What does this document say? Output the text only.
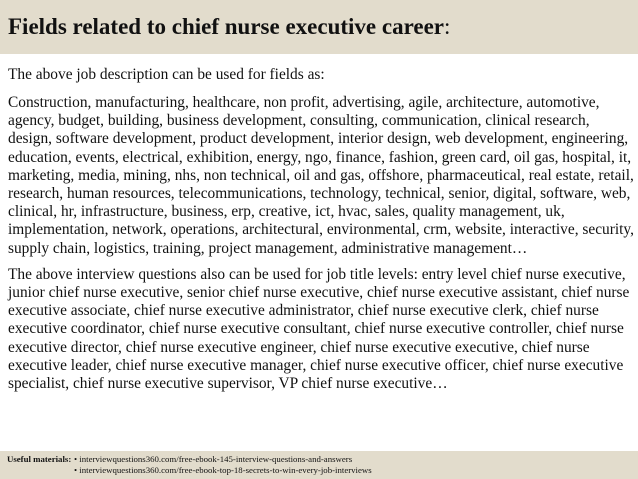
Fields related to chief nurse executive career:

The above job description can be used for fields as:

Construction, manufacturing, healthcare, non profit, advertising, agile, architecture, automotive, agency, budget, building, business development, consulting, communication, clinical research, design, software development, product development, interior design, web development, engineering, education, events, electrical, exhibition, energy, ngo, finance, fashion, green card, oil gas, hospital, it, marketing, media, mining, nhs, non technical, oil and gas, offshore, pharmaceutical, real estate, retail, research, human resources, telecommunications, technology, technical, senior, digital, software, web, clinical, hr, infrastructure, business, erp, creative, ict, hvac, sales, quality management, uk, implementation, network, operations, architectural, environmental, crm, website, interactive, security, supply chain, logistics, training, project management, administrative management…

The above interview questions also can be used for job title levels: entry level chief nurse executive, junior chief nurse executive, senior chief nurse executive, chief nurse executive assistant, chief nurse executive associate, chief nurse executive administrator, chief nurse executive clerk, chief nurse executive coordinator, chief nurse executive consultant, chief nurse executive controller, chief nurse executive director, chief nurse executive engineer, chief nurse executive executive, chief nurse executive leader, chief nurse executive manager, chief nurse executive officer, chief nurse executive specialist, chief nurse executive supervisor, VP chief nurse executive…

Useful materials: • interviewquestions360.com/free-ebook-145-interview-questions-and-answers
• interviewquestions360.com/free-ebook-top-18-secrets-to-win-every-job-interviews
